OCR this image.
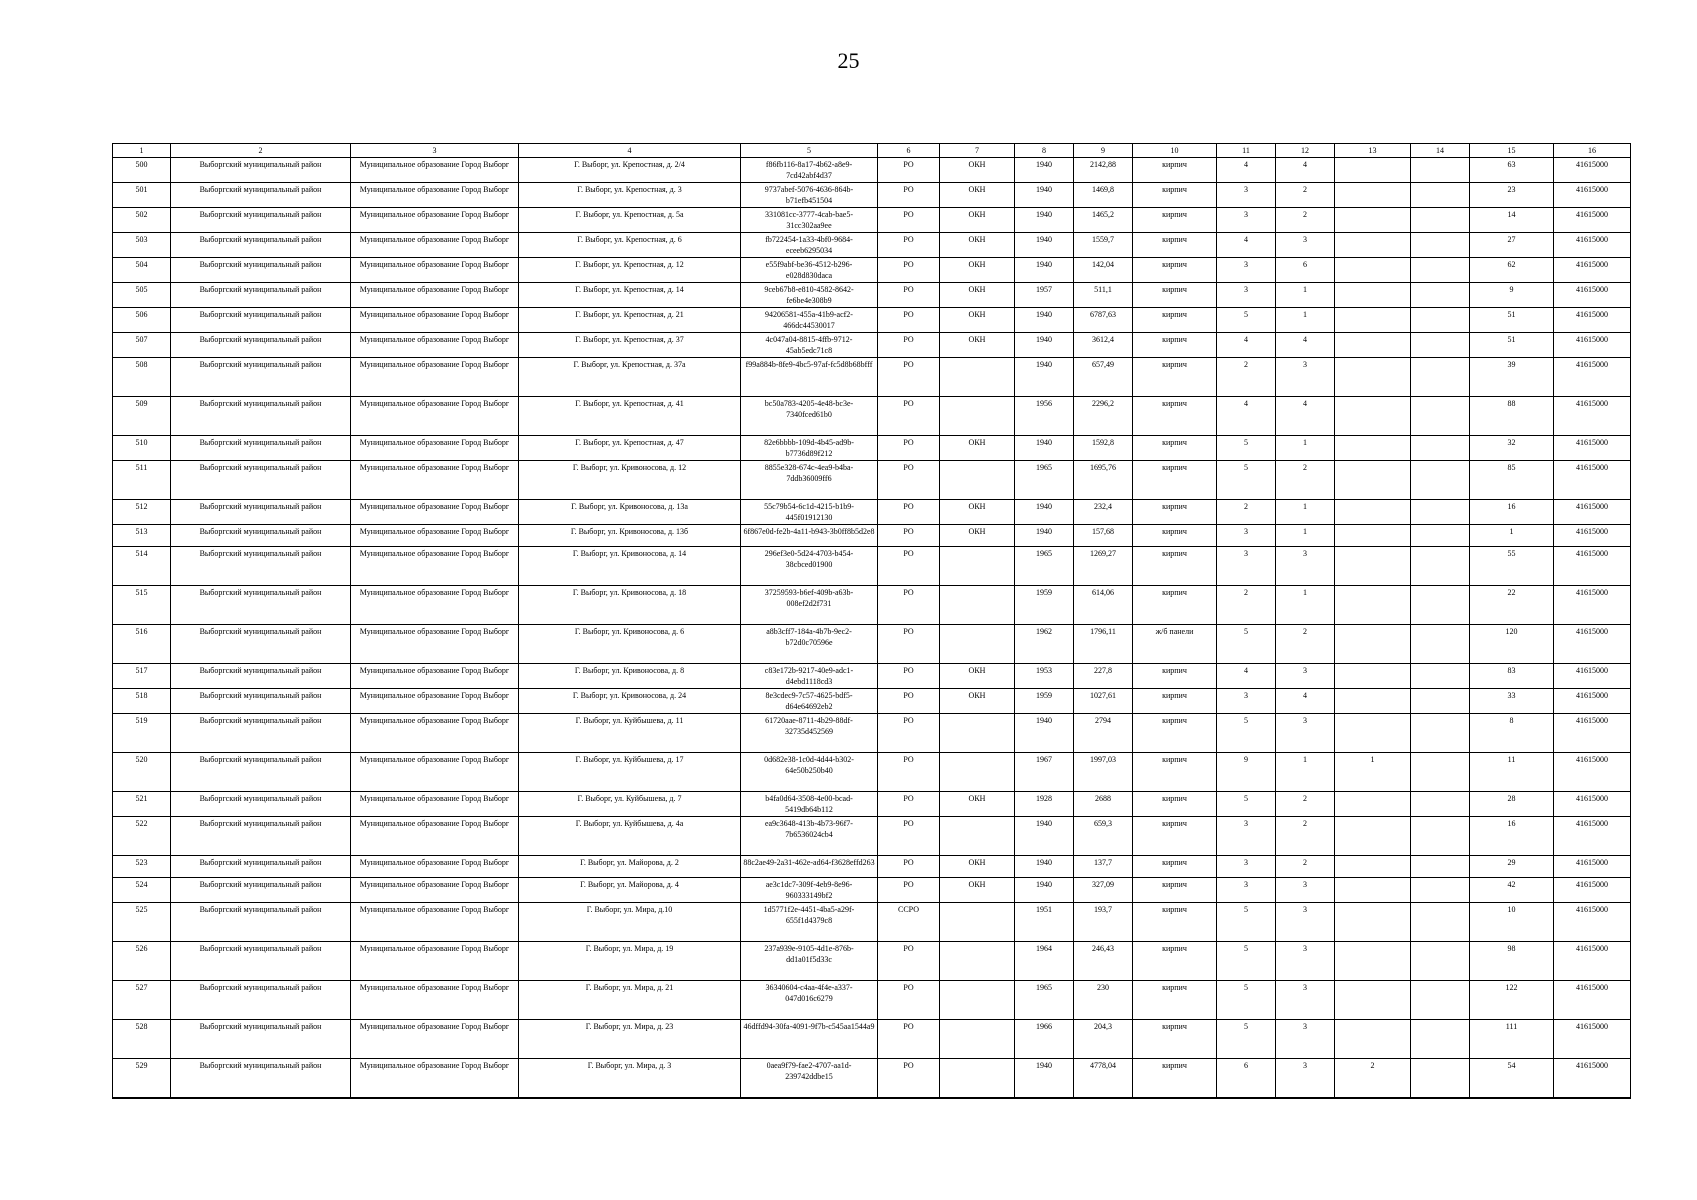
25
1	2	3	4	5	6	7	8	9	10	11	12	13	14	15	16
500	Выборгский муниципальный район	Муниципальное образование Город Выборг	Г. Выборг, ул. Крепостная, д. 2/4	f86fb116-8a17-4b62-a8e9-7cd42abf4d37	РО	ОКН	1940	2142,88	кирпич	4	4			63	41615000
501	Выборгский муниципальный район	Муниципальное образование Город Выборг	Г. Выборг, ул. Крепостная, д. 3	9737abef-5076-4636-864b-b71efb451504	РО	ОКН	1940	1469,8	кирпич	3	2			23	41615000
502	Выборгский муниципальный район	Муниципальное образование Город Выборг	Г. Выборг, ул. Крепостная, д. 5а	331081cc-3777-4cab-bae5-31cc302aa9ee	РО	ОКН	1940	1465,2	кирпич	3	2			14	41615000
503	Выборгский муниципальный район	Муниципальное образование Город Выборг	Г. Выборг, ул. Крепостная, д. 6	fb722454-1a33-4bf0-9684-eceeb6295034	РО	ОКН	1940	1559,7	кирпич	4	3			27	41615000
504	Выборгский муниципальный район	Муниципальное образование Город Выборг	Г. Выборг, ул. Крепостная, д. 12	e55f9abf-be36-4512-b296-e028d830daca	РО	ОКН	1940	142,04	кирпич	3	6			62	41615000
505	Выборгский муниципальный район	Муниципальное образование Город Выборг	Г. Выборг, ул. Крепостная, д. 14	9ceb67b8-e810-4582-8642-fe6be4e308b9	РО	ОКН	1957	511,1	кирпич	3	1			9	41615000
506	Выборгский муниципальный район	Муниципальное образование Город Выборг	Г. Выборг, ул. Крепостная, д. 21	94206581-455a-41b9-acf2-466dc44530017	РО	ОКН	1940	6787,63	кирпич	5	1			51	41615000
507	Выборгский муниципальный район	Муниципальное образование Город Выборг	Г. Выборг, ул. Крепостная, д. 37	4c047a04-8815-4ffb-9712-45ab5edc71c8	РО	ОКН	1940	3612,4	кирпич	4	4			51	41615000
508	Выборгский муниципальный район	Муниципальное образование Город Выборг	Г. Выборг, ул. Крепостная, д. 37а	f99a884b-8fe9-4bc5-97af-fc5d8b68bfff	РО		1940	657,49	кирпич	2	3			39	41615000
509	Выборгский муниципальный район	Муниципальное образование Город Выборг	Г. Выборг, ул. Крепостная, д. 41	bc50a783-4205-4e48-bc3e-7340fced61b0	РО		1956	2296,2	кирпич	4	4			88	41615000
510	Выборгский муниципальный район	Муниципальное образование Город Выборг	Г. Выборг, ул. Крепостная, д. 47	82e6bbbb-109d-4b45-ad9b-b7736d89f212	РО	ОКН	1940	1592,8	кирпич	5	1			32	41615000
511	Выборгский муниципальный район	Муниципальное образование Город Выборг	Г. Выборг, ул. Кривоносова, д. 12	8855e328-674c-4ea9-b4ba-7ddb36009ff6	РО		1965	1695,76	кирпич	5	2			85	41615000
512	Выборгский муниципальный район	Муниципальное образование Город Выборг	Г. Выборг, ул. Кривоносова, д. 13а	55c79b54-6c1d-4215-b1b9-445f01912130	РО	ОКН	1940	232,4	кирпич	2	1			16	41615000
513	Выборгский муниципальный район	Муниципальное образование Город Выборг	Г. Выборг, ул. Кривоносова, д. 13б	6f867e0d-fe2b-4a11-b943-3b0ff8b5d2e8	РО	ОКН	1940	157,68	кирпич	3	1			1	41615000
514	Выборгский муниципальный район	Муниципальное образование Город Выборг	Г. Выборг, ул. Кривоносова, д. 14	296ef3e0-5d24-4703-b454-38cbced01900	РО		1965	1269,27	кирпич	3	3			55	41615000
515	Выборгский муниципальный район	Муниципальное образование Город Выборг	Г. Выборг, ул. Кривоносова, д. 18	37259593-b6ef-409b-a63b-008ef2d2f731	РО		1959	614,06	кирпич	2	1			22	41615000
516	Выборгский муниципальный район	Муниципальное образование Город Выборг	Г. Выборг, ул. Кривоносова, д. 6	a8b3cff7-184a-4b7b-9ec2-b72d0c70596e	РО		1962	1796,11	ж/б панели	5	2			120	41615000
517	Выборгский муниципальный район	Муниципальное образование Город Выборг	Г. Выборг, ул. Кривоносова, д. 8	c83e172b-9217-40e9-adc1-d4ebd1118cd3	РО	ОКН	1953	227,8	кирпич	4	3			83	41615000
518	Выборгский муниципальный район	Муниципальное образование Город Выборг	Г. Выборг, ул. Кривоносова, д. 24	8e3cdec9-7c57-4625-bdf5-d64e64692eb2	РО	ОКН	1959	1027,61	кирпич	3	4			33	41615000
519	Выборгский муниципальный район	Муниципальное образование Город Выборг	Г. Выборг, ул. Куйбышева, д. 11	61720aae-8711-4b29-88df-32735d452569	РО		1940	2794	кирпич	5	3			8	41615000
520	Выборгский муниципальный район	Муниципальное образование Город Выборг	Г. Выборг, ул. Куйбышева, д. 17	0d682e38-1c0d-4d44-b302-64e50b250b40	РО		1967	1997,03	кирпич	9	1	1		11	41615000
521	Выборгский муниципальный район	Муниципальное образование Город Выборг	Г. Выборг, ул. Куйбышева, д. 7	b4fa0d64-3508-4e00-bcad-5419db64b112	РО	ОКН	1928	2688	кирпич	5	2			28	41615000
522	Выборгский муниципальный район	Муниципальное образование Город Выборг	Г. Выборг, ул. Куйбышева, д. 4а	ea9c3648-413b-4b73-96f7-7b6536024cb4	РО		1940	659,3	кирпич	3	2			16	41615000
523	Выборгский муниципальный район	Муниципальное образование Город Выборг	Г. Выборг, ул. Майорова, д. 2	88c2ae49-2a31-462e-ad64-f3628effd263	РО	ОКН	1940	137,7	кирпич	3	2			29	41615000
524	Выборгский муниципальный район	Муниципальное образование Город Выборг	Г. Выборг, ул. Майорова, д. 4	ae3c1dc7-309f-4eb9-8e96-960333149bf2	РО	ОКН	1940	327,09	кирпич	3	3			42	41615000
525	Выборгский муниципальный район	Муниципальное образование Город Выборг	Г. Выборг, ул. Мира, д.10	1d5771f2e-4451-4ba5-a29f-655f1d4379c8	ССРО		1951	193,7	кирпич	5	3			10	41615000
526	Выборгский муниципальный район	Муниципальное образование Город Выборг	Г. Выборг, ул. Мира, д. 19	237a939e-9105-4d1e-876b-dd1a01f5d33c	РО		1964	246,43	кирпич	5	3			98	41615000
527	Выборгский муниципальный район	Муниципальное образование Город Выборг	Г. Выборг, ул. Мира, д. 21	36340604-c4aa-4f4e-a337-047d016c6279	РО		1965	230	кирпич	5	3			122	41615000
528	Выборгский муниципальный район	Муниципальное образование Город Выборг	Г. Выборг, ул. Мира, д. 23	46dffd94-30fa-4091-9f7b-c545aa1544a9	РО		1966	204,3	кирпич	5	3			111	41615000
529	Выборгский муниципальный район	Муниципальное образование Город Выборг	Г. Выборг, ул. Мира, д. 3	0aea9f79-fae2-4707-aa1d-239742ddbe15	РО		1940	4778,04	кирпич	6	3	2		54	41615000
